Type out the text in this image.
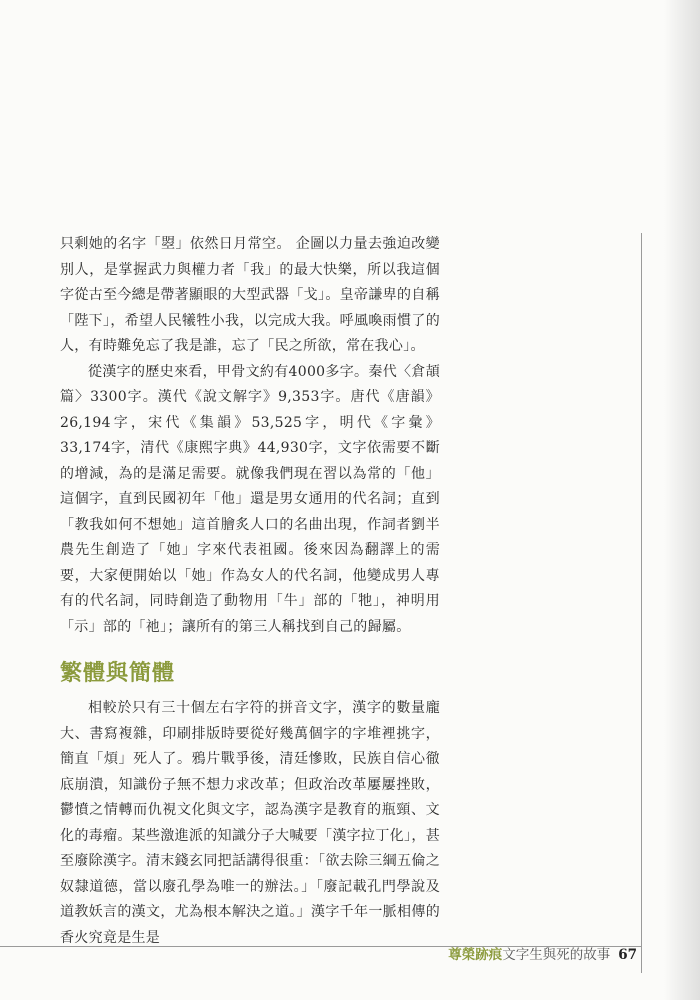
只剩她的名字「曌」依然日月常空。 企圖以力量去強迫改變別人，是掌握武力與權力者「我」的最大快樂，所以我這個字從古至今總是帶著顯眼的大型武器「戈」。皇帝謙卑的自稱「陛下」，希望人民犧牲小我，以完成大我。呼風喚雨慣了的人，有時難免忘了我是誰，忘了「民之所欲，常在我心」。

從漢字的歷史來看，甲骨文約有4000多字。秦代〈倉頡篇〉3300字。漢代《說文解字》9,353字。唐代《唐韻》26,194字，宋代《集韻》53,525字，明代《字彙》33,174字，清代《康熙字典》44,930字，文字依需要不斷的增減，為的是滿足需要。就像我們現在習以為常的「他」這個字，直到民國初年「他」還是男女通用的代名詞；直到「教我如何不想她」這首膾炙人口的名曲出現，作詞者劉半農先生創造了「她」字來代表祖國。後來因為翻譯上的需要，大家便開始以「她」作為女人的代名詞，他變成男人專有的代名詞，同時創造了動物用「牛」部的「牠」，神明用「示」部的「祂」；讓所有的第三人稱找到自己的歸屬。

繁體與簡體

相較於只有三十個左右字符的拼音文字，漢字的數量龐大、書寫複雜，印刷排版時要從好幾萬個字的字堆裡挑字，簡直「煩」死人了。鴉片戰爭後，清廷慘敗，民族自信心徹底崩潰，知識份子無不想力求改革；但政治改革屢屢挫敗，鬱憤之情轉而仇視文化與文字，認為漢字是教育的瓶頸、文化的毒瘤。某些激進派的知識分子大喊要「漢字拉丁化」，甚至廢除漢字。清末錢玄同把話講得很重：「欲去除三綱五倫之奴隸道德，當以廢孔學為唯一的辦法。」「廢記載孔門學說及道教妖言的漢文，尤為根本解決之道。」漢字千年一脈相傳的香火究竟是生是

尊榮跡痕文字生與死的故事 67
